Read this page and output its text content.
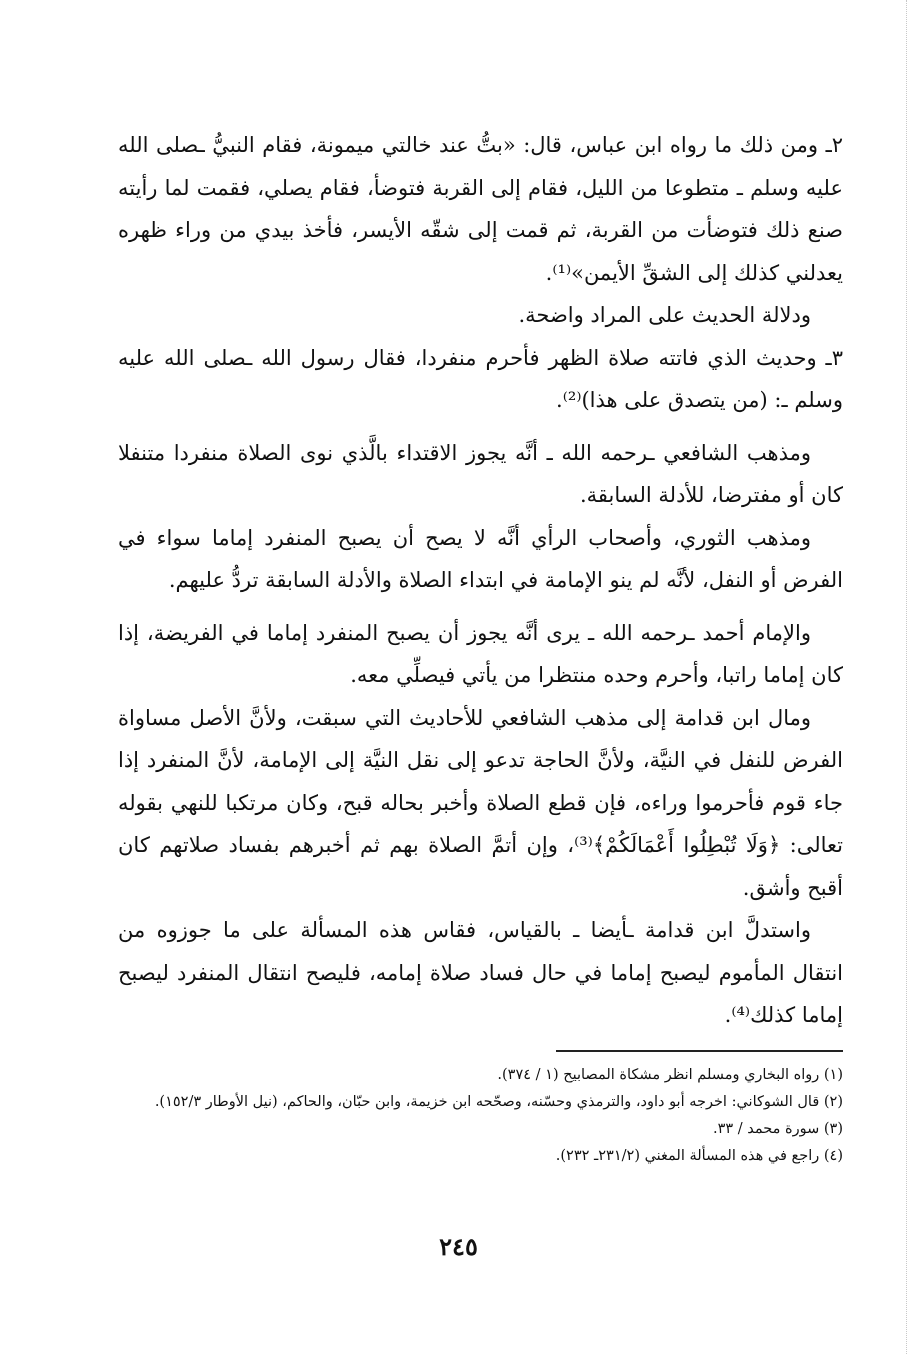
٢ـ ومن ذلك ما رواه ابن عباس، قال: «بتُّ عند خالتي ميمونة، فقام النبيُّ ـصلى الله عليه وسلم ـ متطوعا من الليل، فقام إلى القربة فتوضأ، فقام يصلي، فقمت لما رأيته صنع ذلك فتوضأت من القربة، ثم قمت إلى شقّه الأيسر، فأخذ بيدي من وراء ظهره يعدلني كذلك إلى الشقِّ الأيمن»⁽¹⁾.

ودلالة الحديث على المراد واضحة.

٣ـ وحديث الذي فاتته صلاة الظهر فأحرم منفردا، فقال رسول الله ـصلى الله عليه وسلم ـ: (من يتصدق على هذا)⁽²⁾.

ومذهب الشافعي ـرحمه الله ـ أنَّه يجوز الاقتداء بالَّذي نوى الصلاة منفردا متنفلا كان أو مفترضا، للأدلة السابقة.

ومذهب الثوري، وأصحاب الرأي أنَّه لا يصح أن يصبح المنفرد إماما سواء في الفرض أو النفل، لأنَّه لم ينو الإمامة في ابتداء الصلاة والأدلة السابقة تردُّ عليهم.

والإمام أحمد ـرحمه الله ـ يرى أنَّه يجوز أن يصبح المنفرد إماما في الفريضة، إذا كان إماما راتبا، وأحرم وحده منتظرا من يأتي فيصلِّي معه.

ومال ابن قدامة إلى مذهب الشافعي للأحاديث التي سبقت، ولأنَّ الأصل مساواة الفرض للنفل في النيَّة، ولأنَّ الحاجة تدعو إلى نقل النيَّة إلى الإمامة، لأنَّ المنفرد إذا جاء قوم فأحرموا وراءه، فإن قطع الصلاة وأخبر بحاله قبح، وكان مرتكبا للنهي بقوله تعالى: ﴿وَلَا تُبْطِلُوا أَعْمَالَكُمْ﴾⁽³⁾، وإن أتمَّ الصلاة بهم ثم أخبرهم بفساد صلاتهم كان أقبح وأشق.

واستدلَّ ابن قدامة ـأيضا ـ بالقياس، فقاس هذه المسألة على ما جوزوه من انتقال المأموم ليصبح إماما في حال فساد صلاة إمامه، فليصح انتقال المنفرد ليصبح إماما كذلك⁽⁴⁾.

(١) رواه البخاري ومسلم انظر مشكاة المصابيح (١ / ٣٧٤).

(٢) قال الشوكاني: اخرجه أبو داود، والترمذي وحسّنه، وصحّحه ابن خزيمة، وابن حبّان، والحاكم، (نيل الأوطار ١٥٢/٣).

(٣) سورة محمد / ٣٣.

(٤) راجع في هذه المسألة المغني (٢٣١/٢ـ ٢٣٢).

٢٤٥
